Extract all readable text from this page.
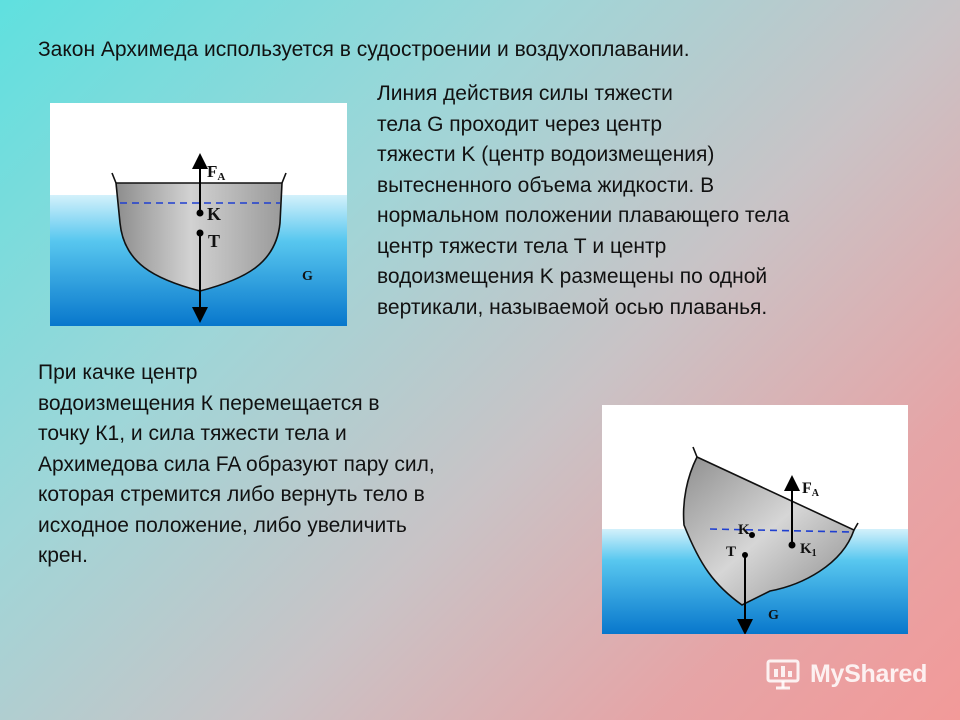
Закон Архимеда используется в судостроении и воздухоплавании.
Линия действия силы тяжести
тела G проходит через центр
тяжести K (центр водоизмещения)
вытесненного объема жидкости. В
нормальном положении плавающего тела
центр тяжести тела Т и центр
водоизмещения K размещены по одной
вертикали, называемой осью плаванья.
При качке центр
водоизмещения К перемещается в
точку К1, и сила тяжести тела и
Архимедова сила FA образуют пару сил,
которая стремится либо вернуть тело в
исходное положение, либо увеличить
крен.
FA
K
T
G
FA
K
$K_1$
T
G
MyShared
